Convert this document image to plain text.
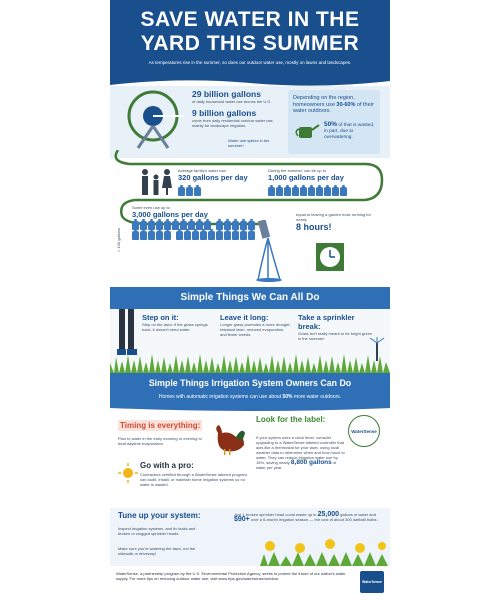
SAVE WATER IN THE
YARD THIS SUMMER
As temperatures rise in the summer, so does our outdoor water use, mostly on lawns and landscapes.
29 billion gallons
of daily household water use across the U.S.
9 billion gallons
come from daily residential outdoor water use, mainly for landscape irrigation.
Water use spikes in the summer!
Depending on the region, homeowners use 30-60% of their water outdoors.
50% of that is wasted, in part, due to overwatering.
Average family's water use:
320 gallons per day
During the summer, can be up to
1,000 gallons per day
= 100 gallons
Some even use up to
3,000 gallons per day
	equal to leaving a garden hose running for nearly
8 hours!
Simple Things We Can All Do
Step on it:
Step on the lawn: if the grass springs back, it doesn't need water.
Leave it long:
Longer grass promotes a more drought-resistant lawn, reduced evaporation, and fewer weeds.
Take a sprinkler break:
Grass isn't really meant to be bright green in the summer!
Simple Things Irrigation System Owners Can Do
Homes with automatic irrigation systems can use about 50% more water outdoors.
Timing is everything:
Plan to water in the early morning or evening to beat daytime evaporation.
Go with a pro:
Contractors certified through a WaterSense labeled program can audit, install, or maintain home irrigation systems so no water is wasted.
Look for the label:
WaterSense
If your system uses a clock timer, consider upgrading to a WaterSense labeled controller that acts like a thermostat for your lawn, using local weather data to determine when and how much to water. They can reduce irrigation water use by 15%, saving nearly 8,800 gallons of water per year.
Tune up your system:
Inspect irrigation systems, and fix leaks and broken or clogged sprinkler heads.
Make sure you're watering the lawn, not the sidewalk or driveway!
Just 1 broken sprinkler head could waste up to 25,000 gallons of water and $90+ over a 6-month irrigation season — the cost of about 300 daffodil bulbs.
WaterSense, a partnership program by the U.S. Environmental Protection Agency, seeks to protect the future of our nation's water supply. For more tips on reducing outdoor water use, visit www.epa.gov/watersense/outdoor.
WaterSense
